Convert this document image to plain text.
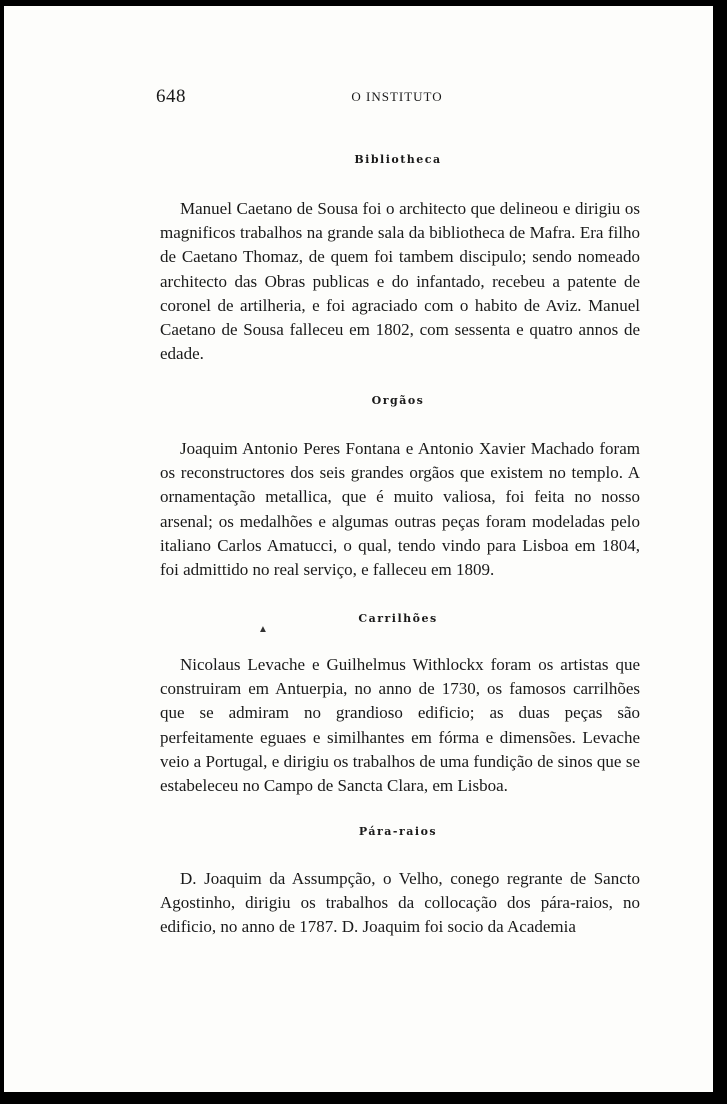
648	O INSTITUTO
Bibliotheca

Manuel Caetano de Sousa foi o architecto que delineou e dirigiu os magnificos trabalhos na grande sala da bibliotheca de Mafra. Era filho de Caetano Thomaz, de quem foi tambem discipulo; sendo nomeado architecto das Obras publicas e do infantado, recebeu a patente de coronel de artilheria, e foi agraciado com o habito de Aviz. Manuel Caetano de Sousa falleceu em 1802, com sessenta e quatro annos de edade.

Orgãos

Joaquim Antonio Peres Fontana e Antonio Xavier Machado foram os reconstructores dos seis grandes orgãos que existem no templo. A ornamentação metallica, que é muito valiosa, foi feita no nosso arsenal; os medalhões e algumas outras peças foram modeladas pelo italiano Carlos Amatucci, o qual, tendo vindo para Lisboa em 1804, foi admittido no real serviço, e falleceu em 1809.

Carrilhões
▲

Nicolaus Levache e Guilhelmus Withlockx foram os artistas que construiram em Antuerpia, no anno de 1730, os famosos carrilhões que se admiram no grandioso edificio; as duas peças são perfeitamente eguaes e similhantes em fórma e dimensões. Levache veio a Portugal, e dirigiu os trabalhos de uma fundição de sinos que se estabeleceu no Campo de Sancta Clara, em Lisboa.

Pára-raios

D. Joaquim da Assumpção, o Velho, conego regrante de Sancto Agostinho, dirigiu os trabalhos da collocação dos pára-raios, no edificio, no anno de 1787. D. Joaquim foi socio da Academia
